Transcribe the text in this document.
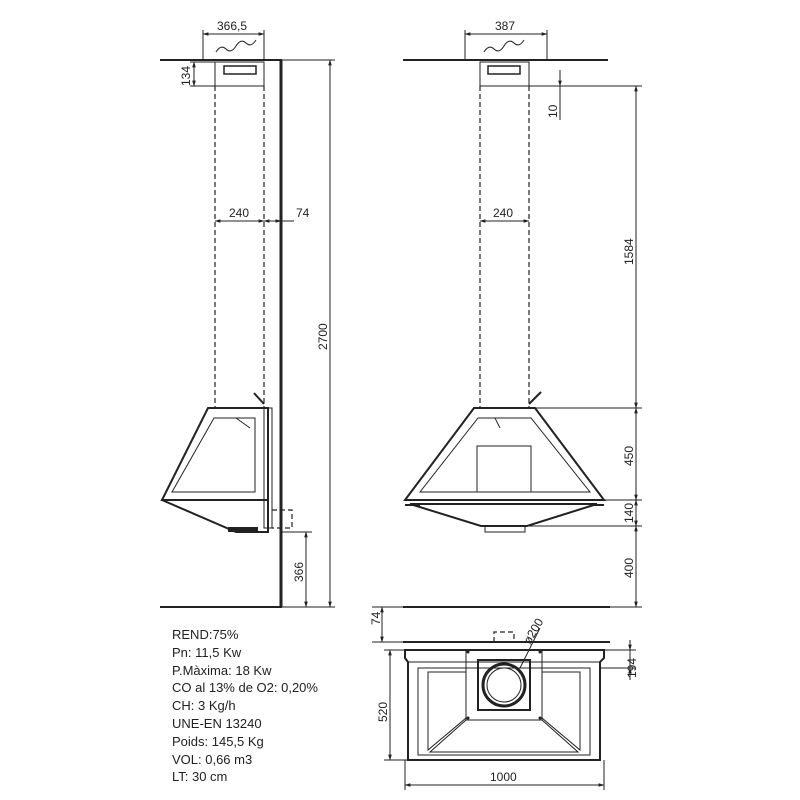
366,5
134
240	74
2700
366
387
10
240
1584
450
140
400
74	ø200
194
520
1000
REND:75%
Pn: 11,5 Kw
P.Màxima: 18 Kw
CO al 13% de O2: 0,20%
CH: 3 Kg/h
UNE-EN 13240
Poids: 145,5 Kg
VOL: 0,66 m3
LT: 30 cm
